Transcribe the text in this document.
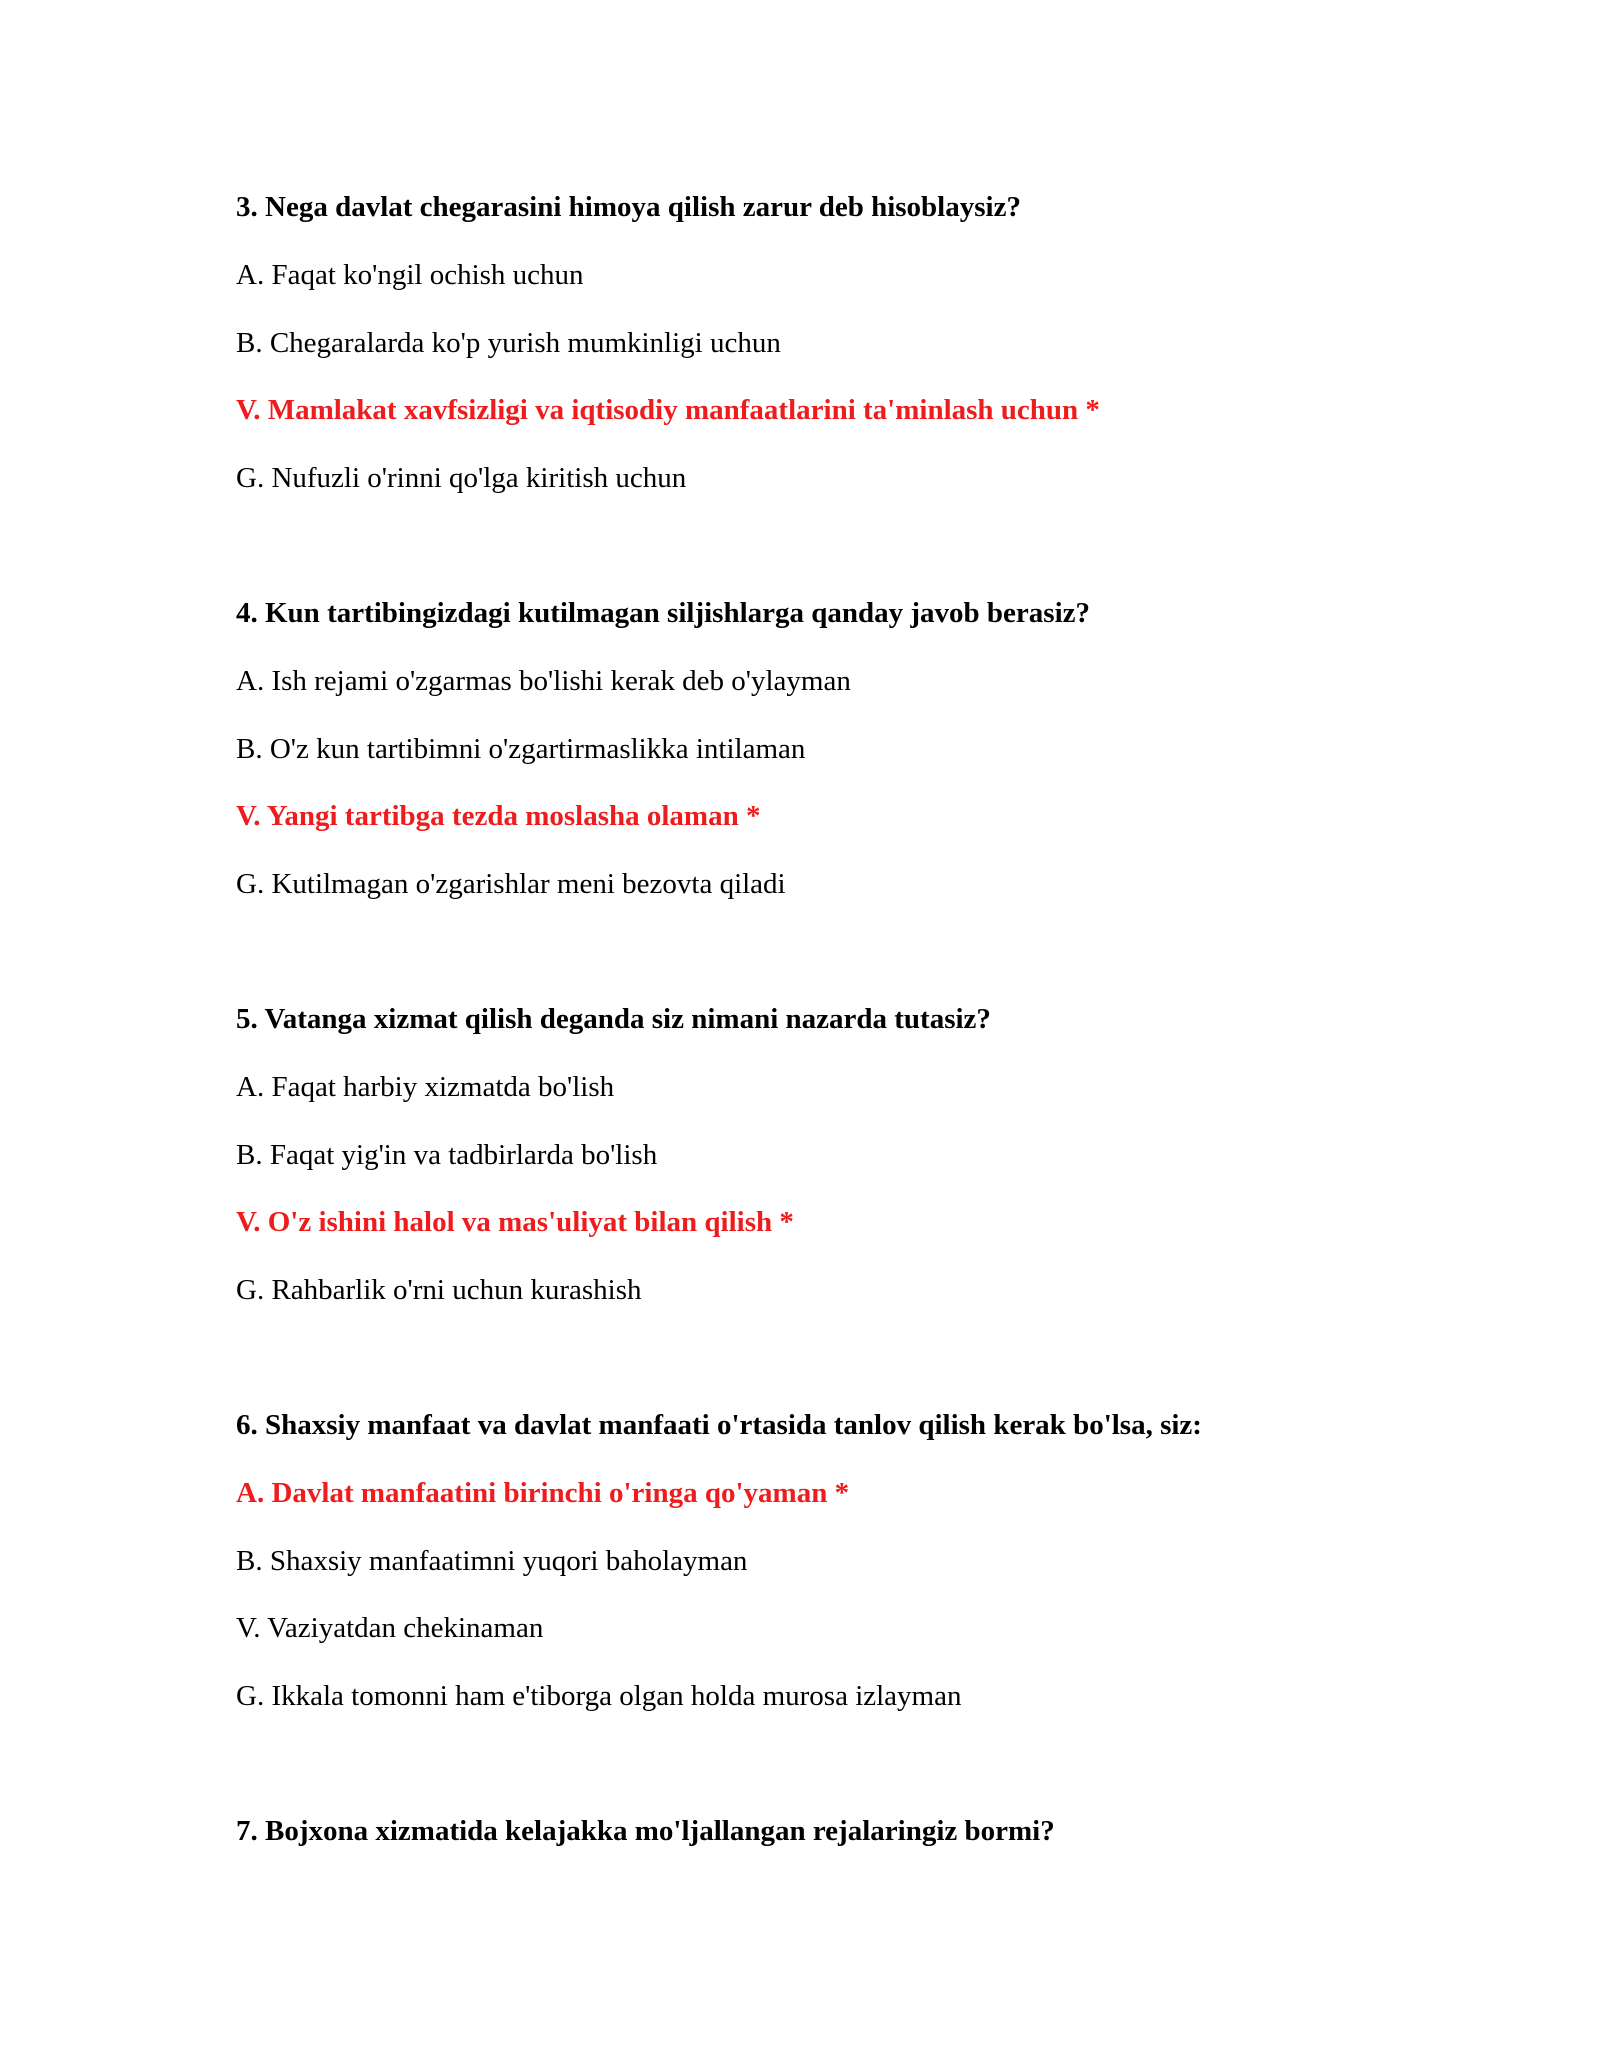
3. Nega davlat chegarasini himoya qilish zarur deb hisoblaysiz?
A. Faqat ko'ngil ochish uchun
B. Chegaralarda ko'p yurish mumkinligi uchun
V. Mamlakat xavfsizligi va iqtisodiy manfaatlarini ta'minlash uchun *
G. Nufuzli o'rinni qo'lga kiritish uchun
4. Kun tartibingizdagi kutilmagan siljishlarga qanday javob berasiz?
A. Ish rejami o'zgarmas bo'lishi kerak deb o'ylayman
B. O'z kun tartibimni o'zgartirmaslikka intilaman
V. Yangi tartibga tezda moslasha olaman *
G. Kutilmagan o'zgarishlar meni bezovta qiladi
5. Vatanga xizmat qilish deganda siz nimani nazarda tutasiz?
A. Faqat harbiy xizmatda bo'lish
B. Faqat yig'in va tadbirlarda bo'lish
V. O'z ishini halol va mas'uliyat bilan qilish *
G. Rahbarlik o'rni uchun kurashish
6. Shaxsiy manfaat va davlat manfaati o'rtasida tanlov qilish kerak bo'lsa, siz:
A. Davlat manfaatini birinchi o'ringa qo'yaman *
B. Shaxsiy manfaatimni yuqori baholayman
V. Vaziyatdan chekinaman
G. Ikkala tomonni ham e'tiborga olgan holda murosa izlayman
7. Bojxona xizmatida kelajakka mo'ljallangan rejalaringiz bormi?
